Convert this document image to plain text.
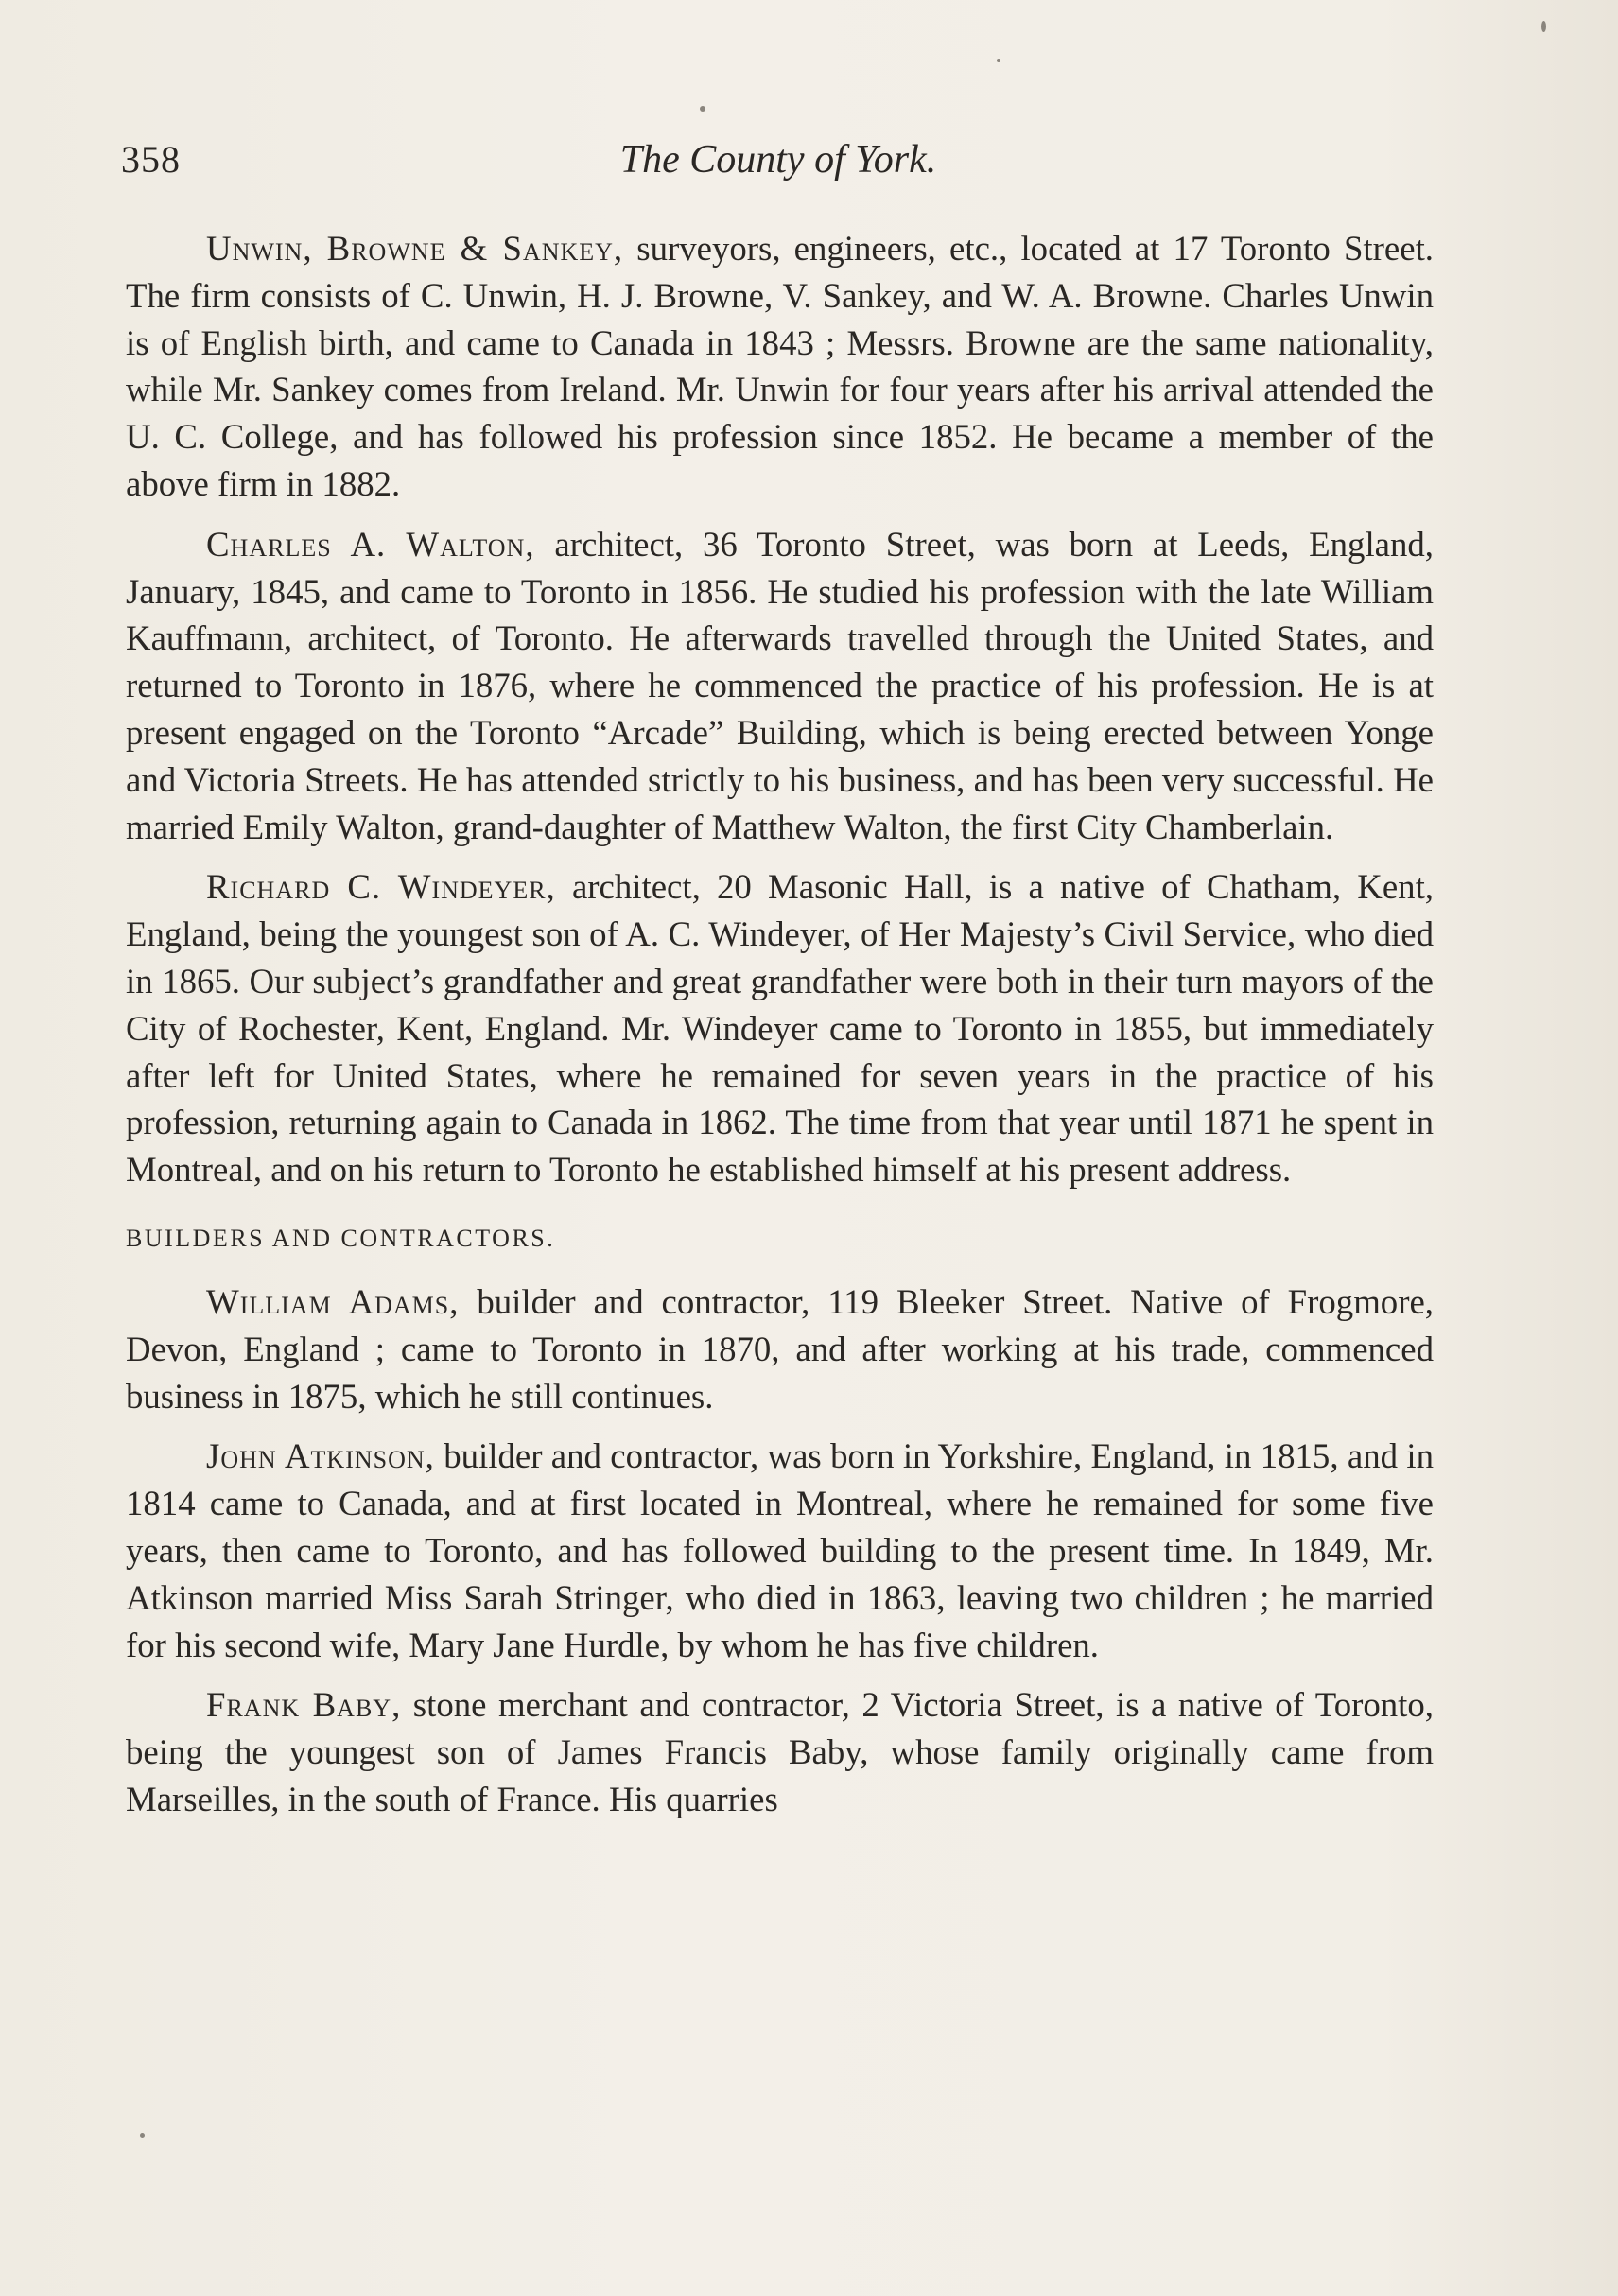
358	The County of York.

Unwin, Browne & Sankey, surveyors, engineers, etc., located at 17 Toronto Street. The firm consists of C. Unwin, H. J. Browne, V. Sankey, and W. A. Browne. Charles Unwin is of English birth, and came to Canada in 1843 ; Messrs. Browne are the same nationality, while Mr. Sankey comes from Ireland. Mr. Unwin for four years after his arrival attended the U. C. College, and has followed his profession since 1852. He became a member of the above firm in 1882.

Charles A. Walton, architect, 36 Toronto Street, was born at Leeds, England, January, 1845, and came to Toronto in 1856. He studied his profession with the late William Kauffmann, architect, of Toronto. He afterwards travelled through the United States, and returned to Toronto in 1876, where he commenced the practice of his profession. He is at present engaged on the Toronto “Arcade” Building, which is being erected between Yonge and Victoria Streets. He has attended strictly to his business, and has been very successful. He married Emily Walton, grand-daughter of Matthew Walton, the first City Chamberlain.

Richard C. Windeyer, architect, 20 Masonic Hall, is a native of Chatham, Kent, England, being the youngest son of A. C. Windeyer, of Her Majesty’s Civil Service, who died in 1865. Our subject’s grandfather and great grandfather were both in their turn mayors of the City of Rochester, Kent, England. Mr. Windeyer came to Toronto in 1855, but immediately after left for United States, where he remained for seven years in the practice of his profession, returning again to Canada in 1862. The time from that year until 1871 he spent in Montreal, and on his return to Toronto he established himself at his present address.

BUILDERS AND CONTRACTORS.

William Adams, builder and contractor, 119 Bleeker Street. Native of Frogmore, Devon, England ; came to Toronto in 1870, and after working at his trade, commenced business in 1875, which he still continues.

John Atkinson, builder and contractor, was born in Yorkshire, England, in 1815, and in 1814 came to Canada, and at first located in Montreal, where he remained for some five years, then came to Toronto, and has followed building to the present time. In 1849, Mr. Atkinson married Miss Sarah Stringer, who died in 1863, leaving two children ; he married for his second wife, Mary Jane Hurdle, by whom he has five children.

Frank Baby, stone merchant and contractor, 2 Victoria Street, is a native of Toronto, being the youngest son of James Francis Baby, whose family originally came from Marseilles, in the south of France. His quarries
